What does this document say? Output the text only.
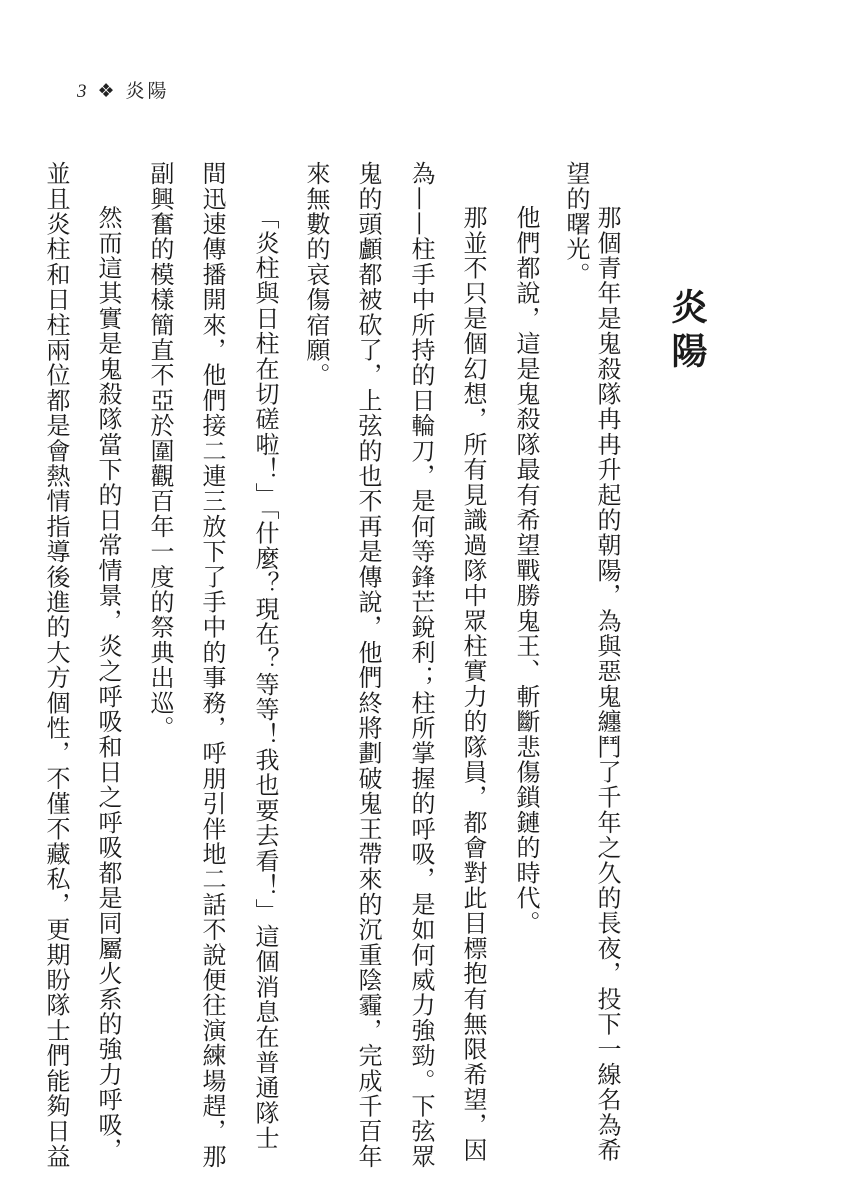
3 ❖ 炎陽
炎陽
那個青年是鬼殺隊冉冉升起的朝陽，為與惡鬼纏鬥了千年之久的長夜，投下一線名為希
望的曙光。
他們都說，這是鬼殺隊最有希望戰勝鬼王、斬斷悲傷鎖鏈的時代。
那並不只是個幻想，所有見識過隊中眾柱實力的隊員，都會對此目標抱有無限希望，因
為——柱手中所持的日輪刀，是何等鋒芒銳利；柱所掌握的呼吸，是如何威力強勁。下弦眾
鬼的頭顱都被砍了，上弦的也不再是傳說，他們終將劃破鬼王帶來的沉重陰霾，完成千百年
來無數的哀傷宿願。
「炎柱與日柱在切磋啦！」「什麼？現在？等等！我也要去看！」這個消息在普通隊士
間迅速傳播開來，他們接二連三放下了手中的事務，呼朋引伴地二話不說便往演練場趕，那
副興奮的模樣簡直不亞於圍觀百年一度的祭典出巡。
然而這其實是鬼殺隊當下的日常情景，炎之呼吸和日之呼吸都是同屬火系的強力呼吸，
並且炎柱和日柱兩位都是會熱情指導後進的大方個性，不僅不藏私，更期盼隊士們能夠日益
